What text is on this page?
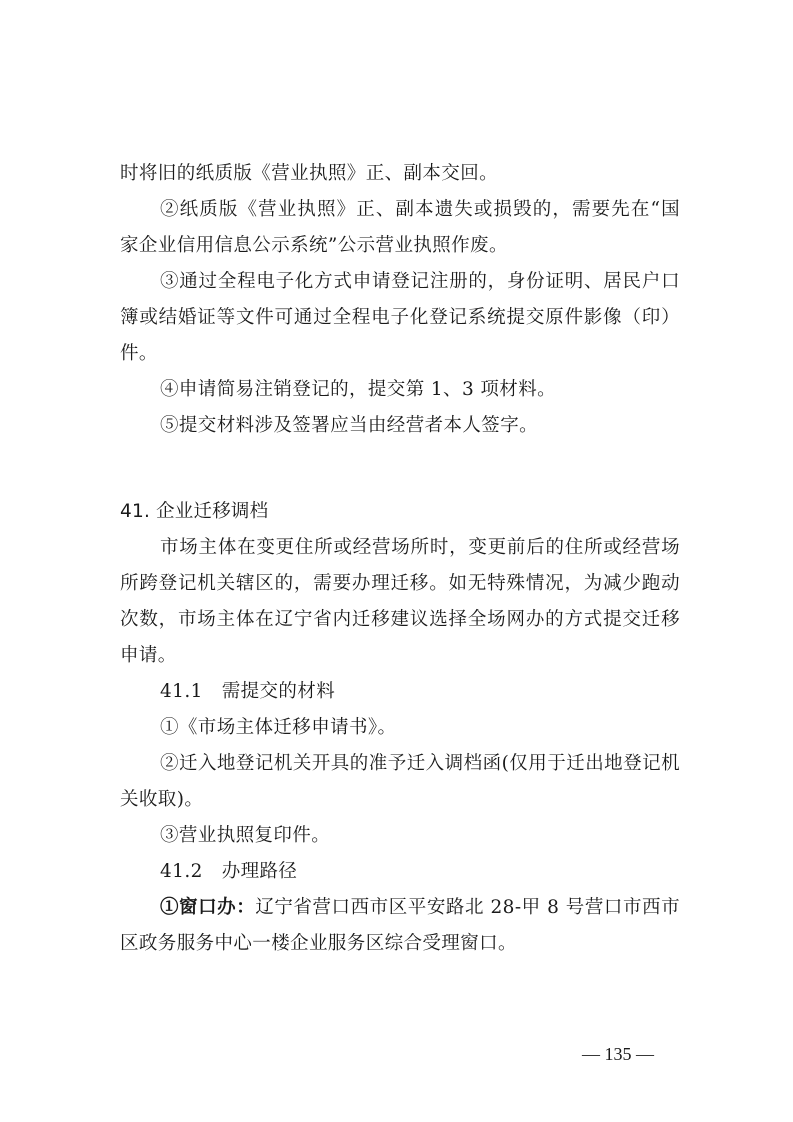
时将旧的纸质版《营业执照》正、副本交回。

②纸质版《营业执照》正、副本遗失或损毁的，需要先在“国家企业信用信息公示系统”公示营业执照作废。

③通过全程电子化方式申请登记注册的，身份证明、居民户口簿或结婚证等文件可通过全程电子化登记系统提交原件影像（印）件。

④申请简易注销登记的，提交第 1、3 项材料。

⑤提交材料涉及签署应当由经营者本人签字。

41. 企业迁移调档

市场主体在变更住所或经营场所时，变更前后的住所或经营场所跨登记机关辖区的，需要办理迁移。如无特殊情况，为减少跑动次数，市场主体在辽宁省内迁移建议选择全场网办的方式提交迁移申请。

41.1　需提交的材料

①《市场主体迁移申请书》。

②迁入地登记机关开具的准予迁入调档函(仅用于迁出地登记机关收取)。

③营业执照复印件。

41.2　办理路径

①窗口办：辽宁省营口西市区平安路北 28-甲 8 号营口市西市区政务服务中心一楼企业服务区综合受理窗口。

— 135 —
